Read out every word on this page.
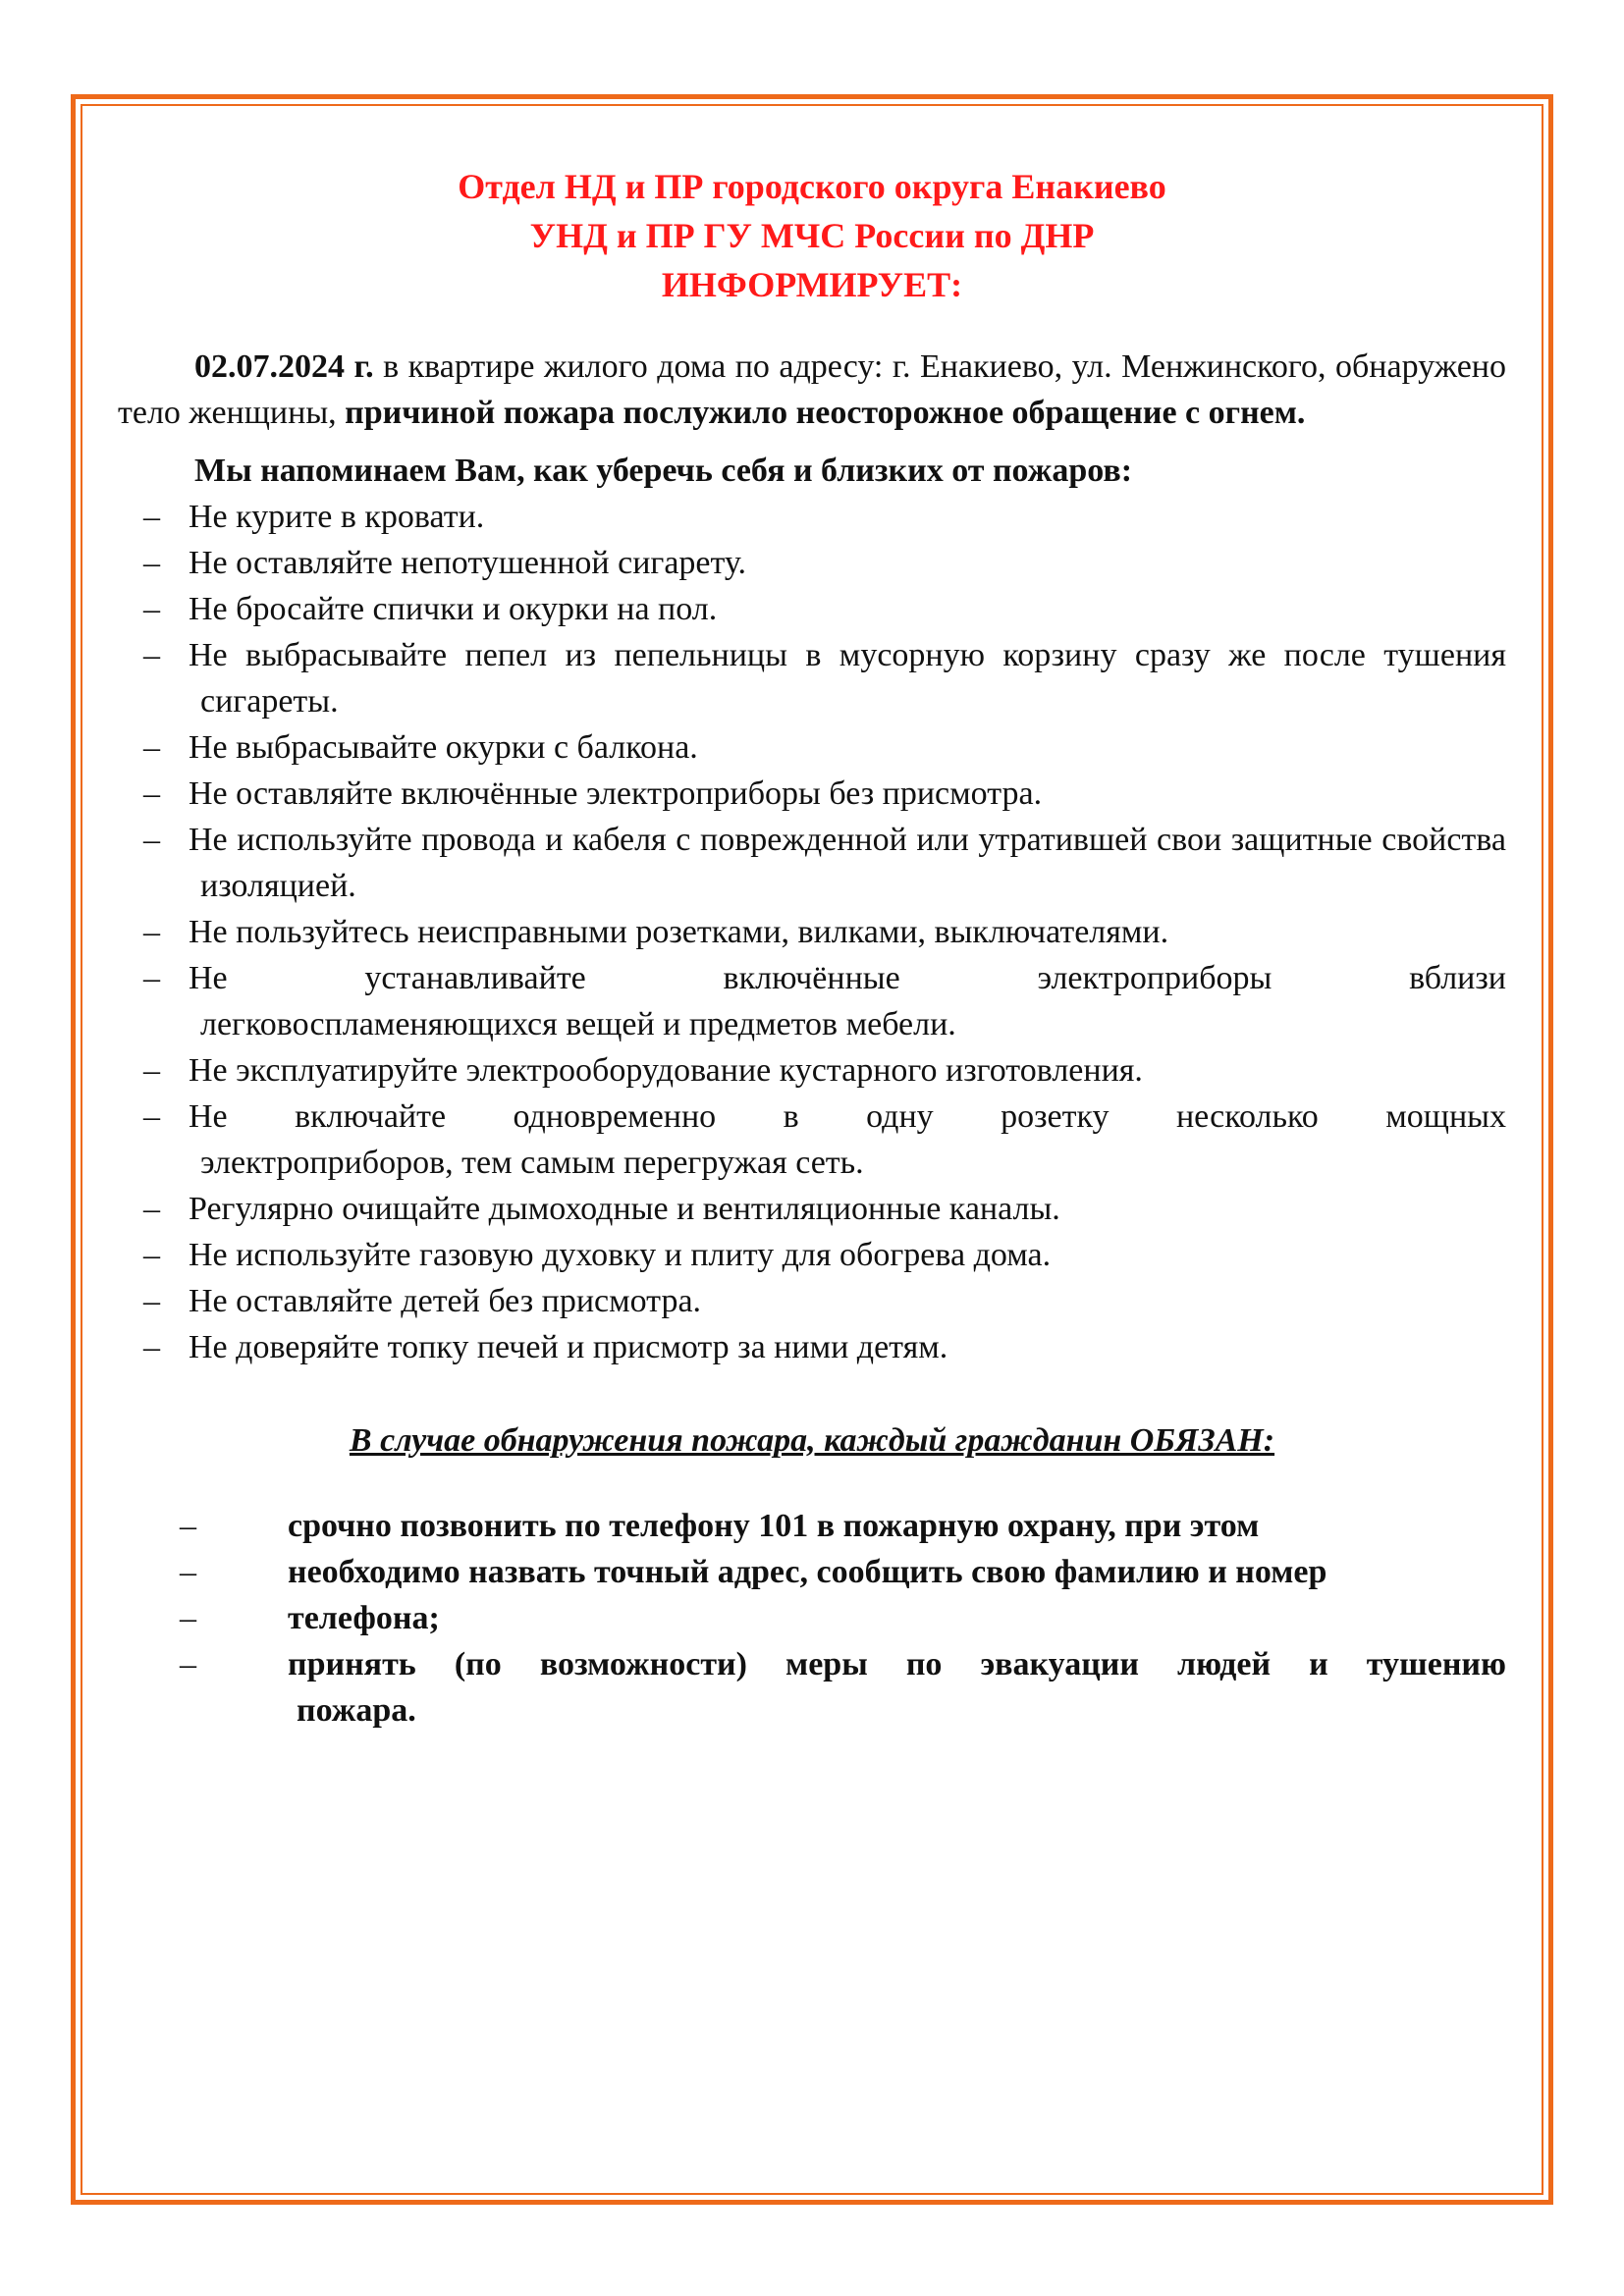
Отдел НД и ПР городского округа Енакиево
УНД и ПР ГУ МЧС России по ДНР
ИНФОРМИРУЕТ:

02.07.2024 г. в квартире жилого дома по адресу: г. Енакиево, ул. Менжинского, обнаружено тело женщины, причиной пожара послужило неосторожное обращение с огнем.

Мы напоминаем Вам, как уберечь себя и близких от пожаров:
– Не курите в кровати.
– Не оставляйте непотушенной сигарету.
– Не бросайте спички и окурки на пол.
– Не выбрасывайте пепел из пепельницы в мусорную корзину сразу же после тушения сигареты.
– Не выбрасывайте окурки с балкона.
– Не оставляйте включённые электроприборы без присмотра.
– Не используйте провода и кабеля с поврежденной или утратившей свои защитные свойства изоляцией.
– Не пользуйтесь неисправными розетками, вилками, выключателями.
– Не устанавливайте включённые электроприборы вблизи
легковоспламеняющихся вещей и предметов мебели.
– Не эксплуатируйте электрооборудование кустарного изготовления.
– Не включайте одновременно в одну розетку несколько мощных
электроприборов, тем самым перегружая сеть.
– Регулярно очищайте дымоходные и вентиляционные каналы.
– Не используйте газовую духовку и плиту для обогрева дома.
– Не оставляйте детей без присмотра.
– Не доверяйте топку печей и присмотр за ними детям.
В случае обнаружения пожара, каждый гражданин ОБЯЗАН:
–	срочно позвонить по телефону 101 в пожарную охрану, при этом
–	необходимо назвать точный адрес, сообщить свою фамилию и номер
–	телефона;
–	принять (по возможности) меры по эвакуации людей и тушению
пожара.
